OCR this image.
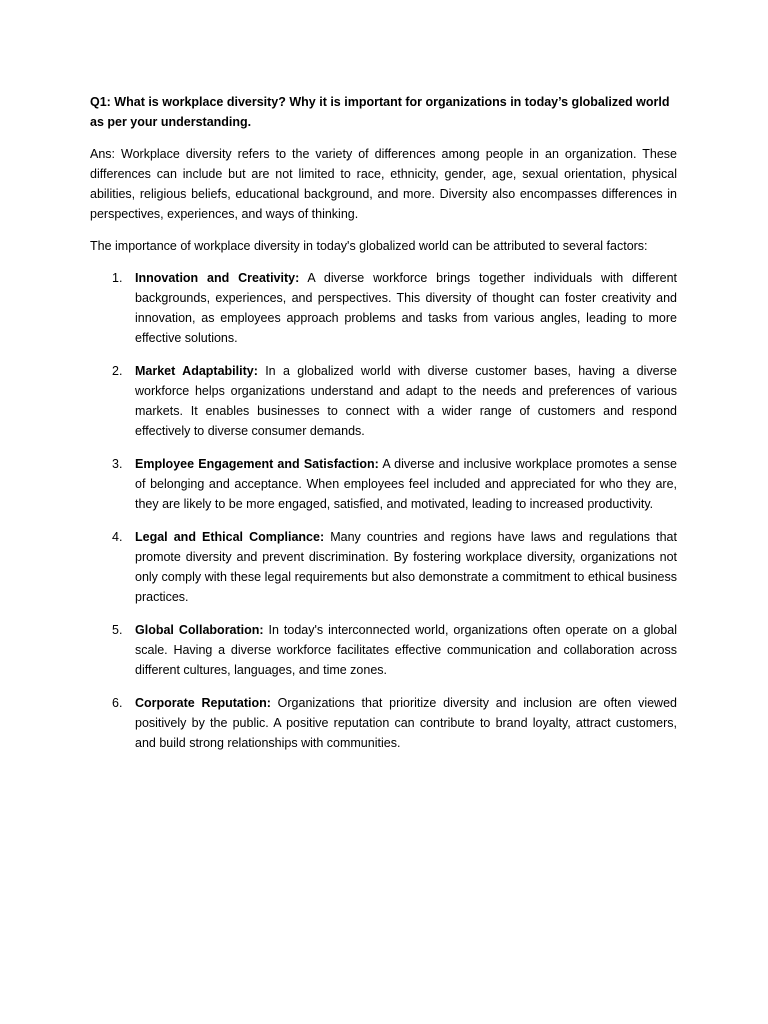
Q1: What is workplace diversity? Why it is important for organizations in today’s globalized world as per your understanding.

Ans: Workplace diversity refers to the variety of differences among people in an organization. These differences can include but are not limited to race, ethnicity, gender, age, sexual orientation, physical abilities, religious beliefs, educational background, and more. Diversity also encompasses differences in perspectives, experiences, and ways of thinking.

The importance of workplace diversity in today's globalized world can be attributed to several factors:

1. Innovation and Creativity: A diverse workforce brings together individuals with different backgrounds, experiences, and perspectives. This diversity of thought can foster creativity and innovation, as employees approach problems and tasks from various angles, leading to more effective solutions.
2. Market Adaptability: In a globalized world with diverse customer bases, having a diverse workforce helps organizations understand and adapt to the needs and preferences of various markets. It enables businesses to connect with a wider range of customers and respond effectively to diverse consumer demands.
3. Employee Engagement and Satisfaction: A diverse and inclusive workplace promotes a sense of belonging and acceptance. When employees feel included and appreciated for who they are, they are likely to be more engaged, satisfied, and motivated, leading to increased productivity.
4. Legal and Ethical Compliance: Many countries and regions have laws and regulations that promote diversity and prevent discrimination. By fostering workplace diversity, organizations not only comply with these legal requirements but also demonstrate a commitment to ethical business practices.
5. Global Collaboration: In today's interconnected world, organizations often operate on a global scale. Having a diverse workforce facilitates effective communication and collaboration across different cultures, languages, and time zones.
6. Corporate Reputation: Organizations that prioritize diversity and inclusion are often viewed positively by the public. A positive reputation can contribute to brand loyalty, attract customers, and build strong relationships with communities.
